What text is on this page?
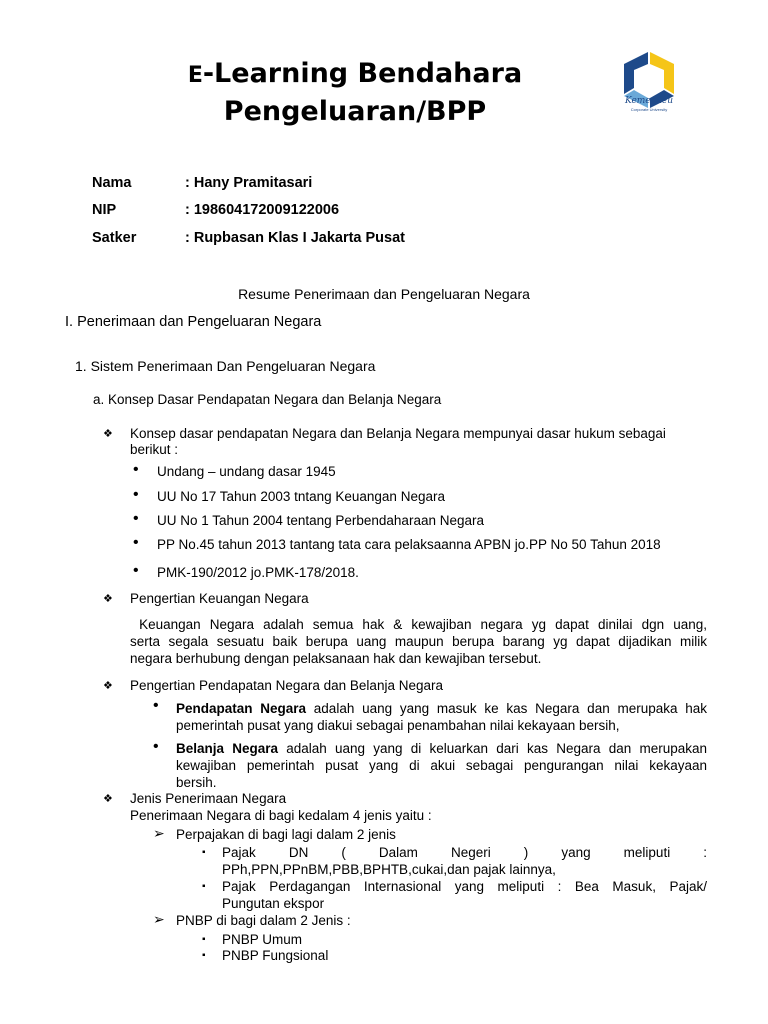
E-Learning Bendahara
Pengeluaran/BPP	Kemenkeu
Corporate University
Nama	: Hany Pramitasari
NIP	: 198604172009122006
Satker	: Rupbasan Klas I Jakarta Pusat
Resume Penerimaan dan Pengeluaran Negara
I. Penerimaan dan Pengeluaran Negara
1. Sistem Penerimaan Dan Pengeluaran Negara
a. Konsep Dasar Pendapatan Negara dan Belanja Negara
❖ Konsep dasar pendapatan Negara dan Belanja Negara mempunyai dasar hukum sebagai
berikut :
• Undang – undang dasar 1945
• UU No 17 Tahun 2003 tntang Keuangan Negara
• UU No 1 Tahun 2004 tentang Perbendaharaan Negara
• PP No.45 tahun 2013 tantang tata cara pelaksaanna APBN jo.PP No 50 Tahun 2018
• PMK-190/2012 jo.PMK-178/2018.
❖ Pengertian Keuangan Negara
Keuangan Negara adalah semua hak & kewajiban negara yg dapat dinilai dgn uang,
serta segala sesuatu baik berupa uang maupun berupa barang yg dapat dijadikan milik
negara berhubung dengan pelaksanaan hak dan kewajiban tersebut.
❖ Pengertian Pendapatan Negara dan Belanja Negara
• Pendapatan Negara adalah uang yang masuk ke kas Negara dan merupaka hak
pemerintah pusat yang diakui sebagai penambahan nilai kekayaan bersih,
• Belanja Negara adalah uang yang di keluarkan dari kas Negara dan merupakan
kewajiban pemerintah pusat yang di akui sebagai pengurangan nilai kekayaan
bersih.
❖ Jenis Penerimaan Negara
Penerimaan Negara di bagi kedalam 4 jenis yaitu :
➢ Perpajakan di bagi lagi dalam 2 jenis
▪ Pajak DN ( Dalam Negeri ) yang meliputi :
PPh,PPN,PPnBM,PBB,BPHTB,cukai,dan pajak lainnya,
▪ Pajak Perdagangan Internasional yang meliputi : Bea Masuk, Pajak/
Pungutan ekspor
➢ PNBP di bagi dalam 2 Jenis :
▪ PNBP Umum
▪ PNBP Fungsional
